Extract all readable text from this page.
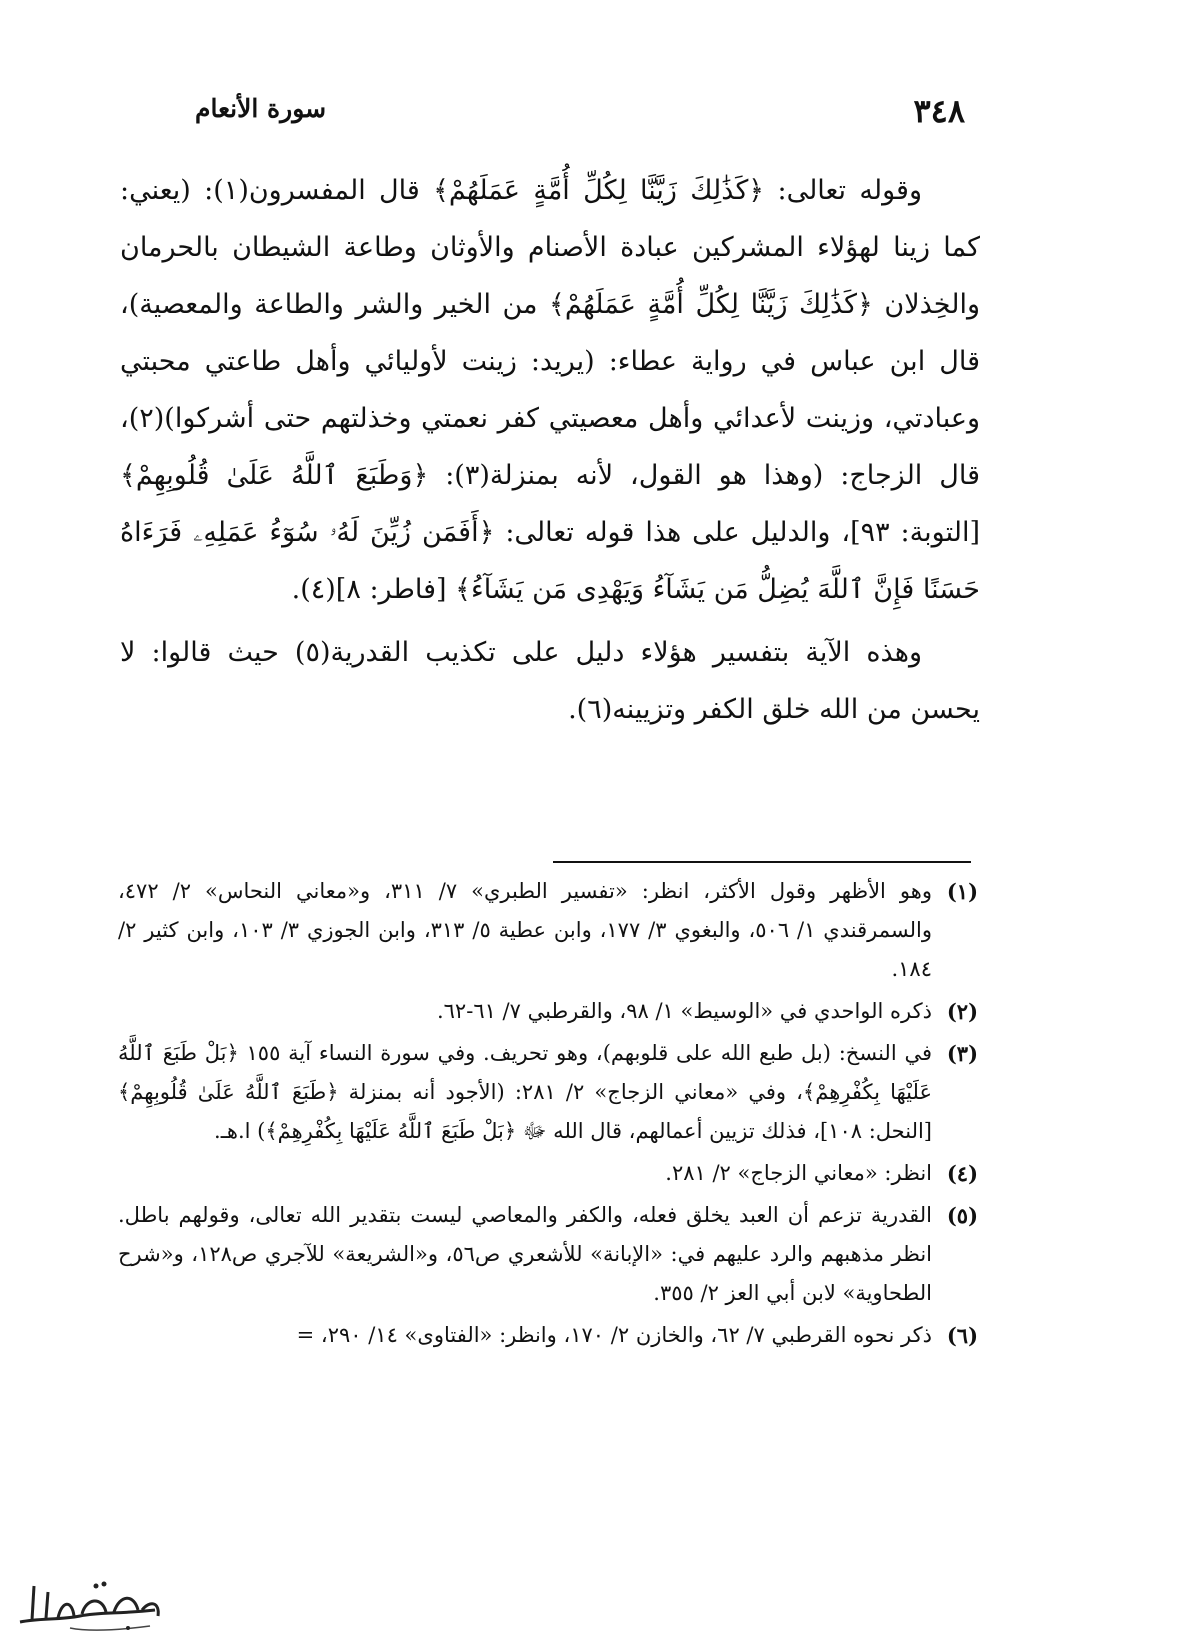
٣٤٨
سورة الأنعام

وقوله تعالى: ﴿كَذَٰلِكَ زَيَّنَّا لِكُلِّ أُمَّةٍ عَمَلَهُمْ﴾ قال المفسرون(١): (يعني: كما زينا لهؤلاء المشركين عبادة الأصنام والأوثان وطاعة الشيطان بالحرمان والخِذلان ﴿كَذَٰلِكَ زَيَّنَّا لِكُلِّ أُمَّةٍ عَمَلَهُمْ﴾ من الخير والشر والطاعة والمعصية)، قال ابن عباس في رواية عطاء: (يريد: زينت لأوليائي وأهل طاعتي محبتي وعبادتي، وزينت لأعدائي وأهل معصيتي كفر نعمتي وخذلتهم حتى أشركوا)(٢)، قال الزجاج: (وهذا هو القول، لأنه بمنزلة(٣): ﴿وَطَبَعَ ٱللَّهُ عَلَىٰ قُلُوبِهِمْ﴾ [التوبة: ٩٣]، والدليل على هذا قوله تعالى: ﴿أَفَمَن زُيِّنَ لَهُۥ سُوٓءُ عَمَلِهِۦ فَرَءَاهُ حَسَنًا فَإِنَّ ٱللَّهَ يُضِلُّ مَن يَشَآءُ وَيَهْدِى مَن يَشَآءُ﴾ [فاطر: ٨](٤).

وهذه الآية بتفسير هؤلاء دليل على تكذيب القدرية(٥) حيث قالوا: لا يحسن من الله خلق الكفر وتزيينه(٦).

(١)
وهو الأظهر وقول الأكثر، انظر: «تفسير الطبري» ٧/ ٣١١، و«معاني النحاس» ٢/ ٤٧٢، والسمرقندي ١/ ٥٠٦، والبغوي ٣/ ١٧٧، وابن عطية ٥/ ٣١٣، وابن الجوزي ٣/ ١٠٣، وابن كثير ٢/ ١٨٤.
(٢)
ذكره الواحدي في «الوسيط» ١/ ٩٨، والقرطبي ٧/ ٦١-٦٢.
(٣)
في النسخ: (بل طبع الله على قلوبهم)، وهو تحريف. وفي سورة النساء آية ١٥٥ ﴿بَلْ طَبَعَ ٱللَّهُ عَلَيْهَا بِكُفْرِهِمْ﴾، وفي «معاني الزجاج» ٢/ ٢٨١: (الأجود أنه بمنزلة ﴿طَبَعَ ٱللَّهُ عَلَىٰ قُلُوبِهِمْ﴾ [النحل: ١٠٨]، فذلك تزيين أعمالهم، قال الله ﷻ ﴿بَلْ طَبَعَ ٱللَّهُ عَلَيْهَا بِكُفْرِهِمْ﴾) ا.هـ.
(٤)
انظر: «معاني الزجاج» ٢/ ٢٨١.
(٥)
القدرية تزعم أن العبد يخلق فعله، والكفر والمعاصي ليست بتقدير الله تعالى، وقولهم باطل. انظر مذهبهم والرد عليهم في: «الإبانة» للأشعري ص٥٦، و«الشريعة» للآجري ص١٢٨، و«شرح الطحاوية» لابن أبي العز ٢/ ٣٥٥.
(٦)
ذكر نحوه القرطبي ٧/ ٦٢، والخازن ٢/ ١٧٠، وانظر: «الفتاوى» ١٤/ ٢٩٠، =
